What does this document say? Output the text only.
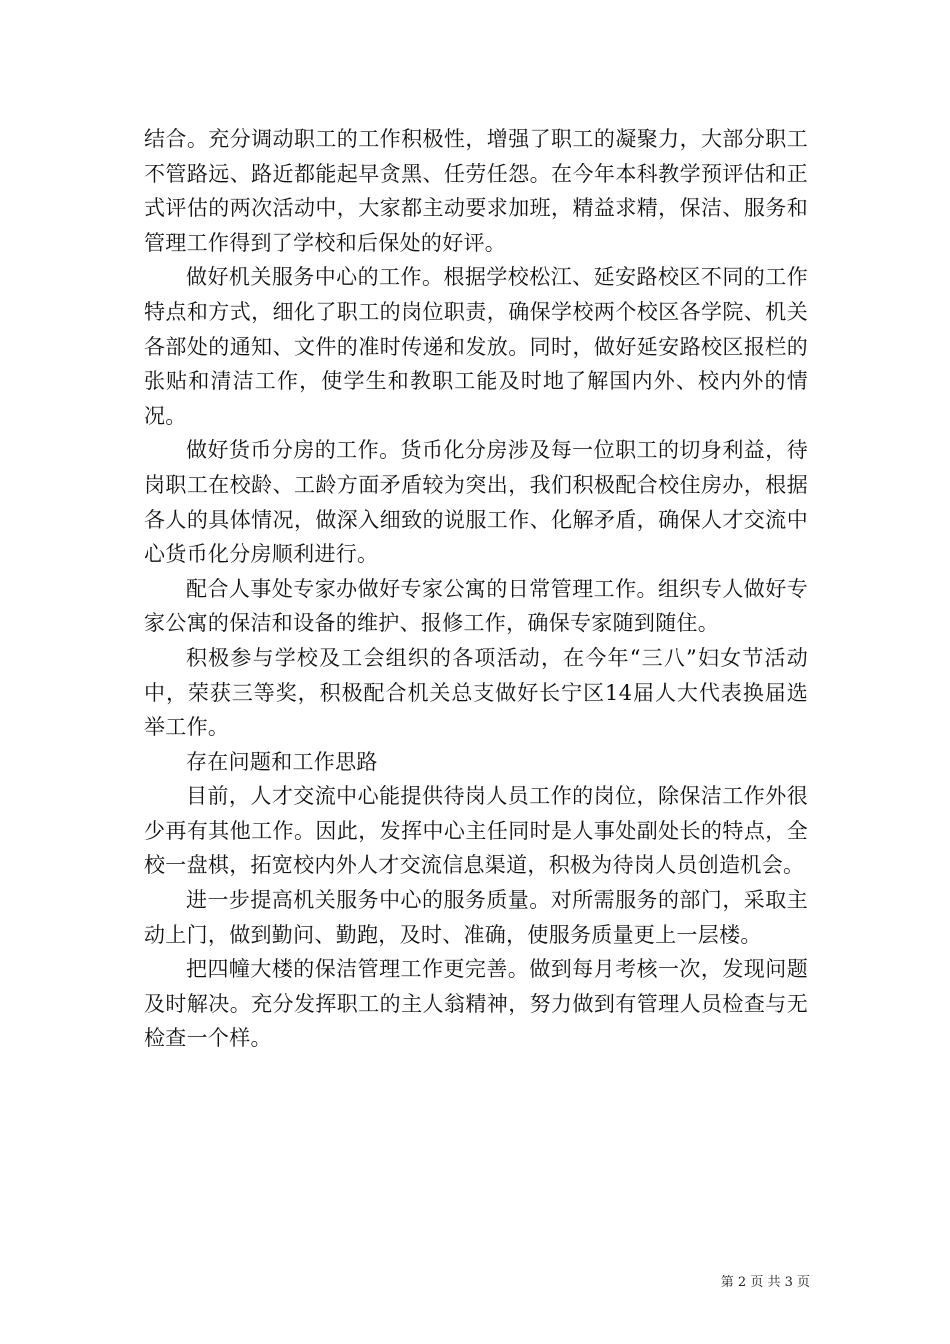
结合。充分调动职工的工作积极性，增强了职工的凝聚力，大部分职工不管路远、路近都能起早贪黑、任劳任怨。在今年本科教学预评估和正式评估的两次活动中，大家都主动要求加班，精益求精，保洁、服务和管理工作得到了学校和后保处的好评。

做好机关服务中心的工作。根据学校松江、延安路校区不同的工作特点和方式，细化了职工的岗位职责，确保学校两个校区各学院、机关各部处的通知、文件的准时传递和发放。同时，做好延安路校区报栏的张贴和清洁工作，使学生和教职工能及时地了解国内外、校内外的情况。

做好货币分房的工作。货币化分房涉及每一位职工的切身利益，待岗职工在校龄、工龄方面矛盾较为突出，我们积极配合校住房办，根据各人的具体情况，做深入细致的说服工作、化解矛盾，确保人才交流中心货币化分房顺利进行。

配合人事处专家办做好专家公寓的日常管理工作。组织专人做好专家公寓的保洁和设备的维护、报修工作，确保专家随到随住。

积极参与学校及工会组织的各项活动，在今年“三八”妇女节活动中，荣获三等奖，积极配合机关总支做好长宁区14届人大代表换届选举工作。

存在问题和工作思路

目前，人才交流中心能提供待岗人员工作的岗位，除保洁工作外很少再有其他工作。因此，发挥中心主任同时是人事处副处长的特点，全校一盘棋，拓宽校内外人才交流信息渠道，积极为待岗人员创造机会。

进一步提高机关服务中心的服务质量。对所需服务的部门，采取主动上门，做到勤问、勤跑，及时、准确，使服务质量更上一层楼。

把四幢大楼的保洁管理工作更完善。做到每月考核一次，发现问题及时解决。充分发挥职工的主人翁精神，努力做到有管理人员检查与无检查一个样。

第 2 页 共 3 页
